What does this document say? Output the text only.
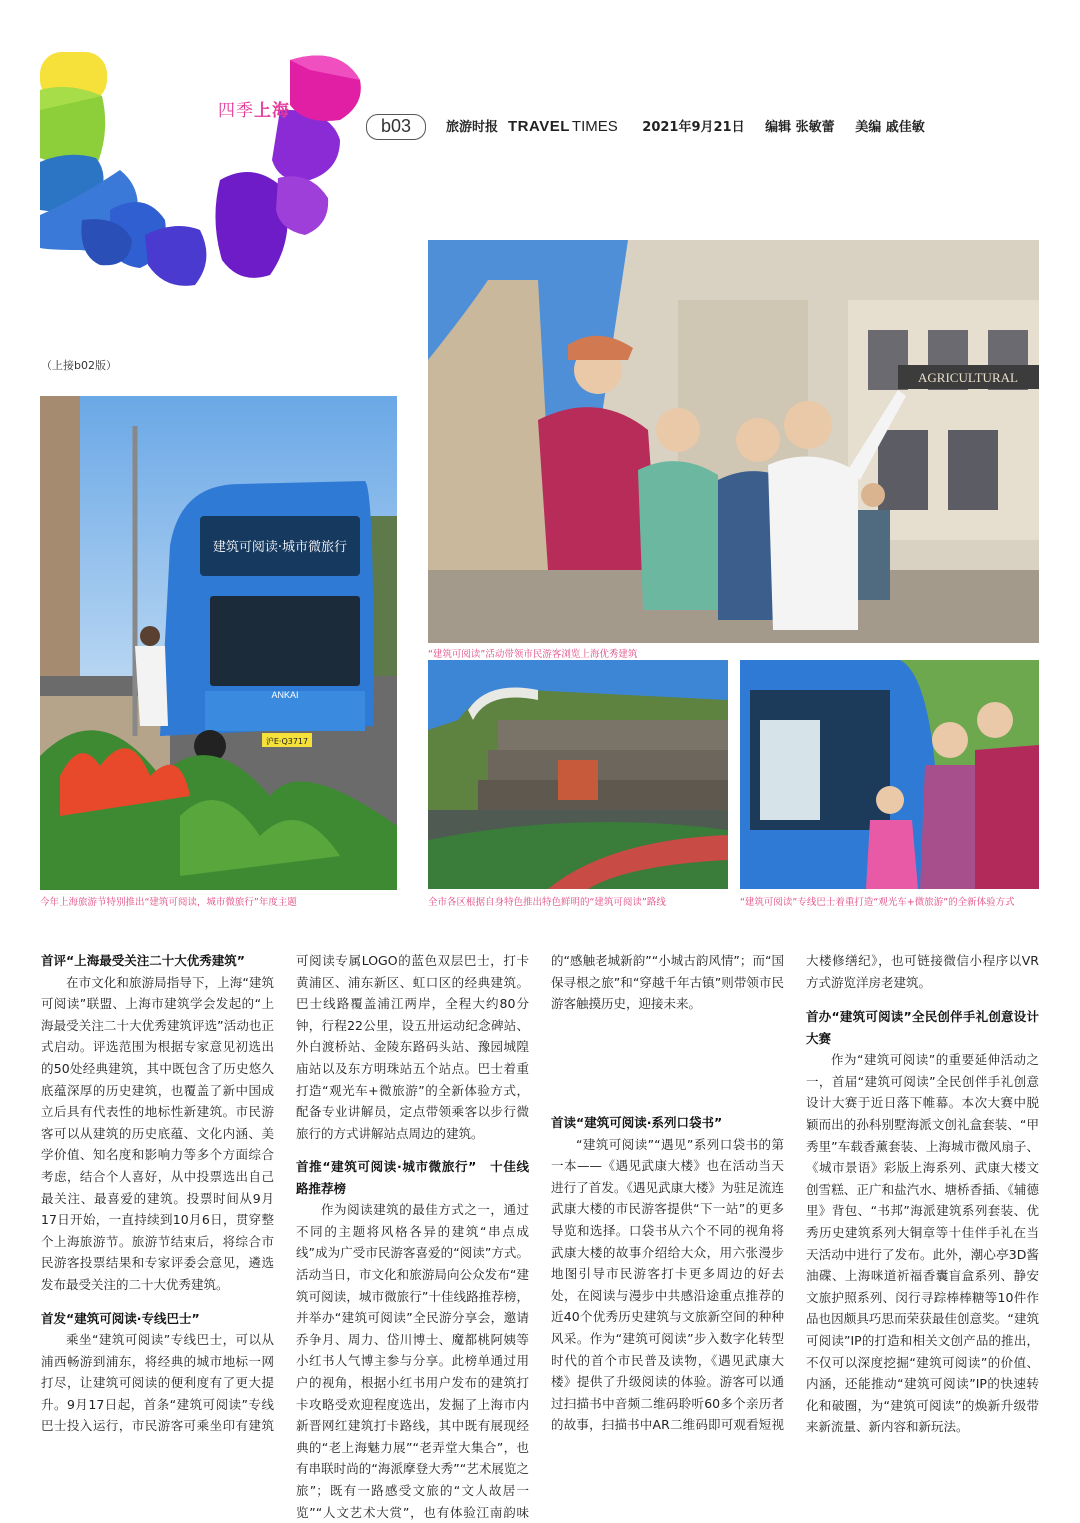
四季上海
b03	旅游时报 TRAVEL TIMES 2021年9月21日 编辑 张敏蕾 美编 戚佳敏
（上接b02版）
建筑可阅读·城市微旅行
ANKAI
沪E·Q3717
今年上海旅游节特别推出“建筑可阅读，城市微旅行”年度主题
AGRICULTURAL
“建筑可阅读”活动带领市民游客浏览上海优秀建筑
全市各区根据自身特色推出特色鲜明的“建筑可阅读”路线	“建筑可阅读”专线巴士着重打造“观光车+微旅游”的全新体验方式
首评“上海最受关注二十大优秀建筑”

在市文化和旅游局指导下，上海“建筑可阅读”联盟、上海市建筑学会发起的“上海最受关注二十大优秀建筑评选”活动也正式启动。评选范围为根据专家意见初选出的50处经典建筑，其中既包含了历史悠久底蕴深厚的历史建筑，也覆盖了新中国成立后具有代表性的地标性新建筑。市民游客可以从建筑的历史底蕴、文化内涵、美学价值、知名度和影响力等多个方面综合考虑，结合个人喜好，从中投票选出自己最关注、最喜爱的建筑。投票时间从9月17日开始，一直持续到10月6日，贯穿整个上海旅游节。旅游节结束后，将综合市民游客投票结果和专家评委会意见，遴选发布最受关注的二十大优秀建筑。

首发“建筑可阅读·专线巴士”

乘坐“建筑可阅读”专线巴士，可以从浦西畅游到浦东，将经典的城市地标一网打尽，让建筑可阅读的便利度有了更大提升。9月17日起，首条“建筑可阅读”专线巴士投入运行，市民游客可乘坐印有建筑

可阅读专属LOGO的蓝色双层巴士，打卡黄浦区、浦东新区、虹口区的经典建筑。巴士线路覆盖浦江两岸，全程大约80分钟，行程22公里，设五卅运动纪念碑站、外白渡桥站、金陵东路码头站、豫园城隍庙站以及东方明珠站五个站点。巴士着重打造“观光车+微旅游”的全新体验方式，配备专业讲解员，定点带领乘客以步行微旅行的方式讲解站点周边的建筑。

首推“建筑可阅读·城市微旅行”　十佳线路推荐榜

作为阅读建筑的最佳方式之一，通过不同的主题将风格各异的建筑“串点成线”成为广受市民游客喜爱的“阅读”方式。活动当日，市文化和旅游局向公众发布“建筑可阅读，城市微旅行”十佳线路推荐榜，并举办“建筑可阅读”全民游分享会，邀请乔争月、周力、岱川博士、魔都桃阿姨等小红书人气博主参与分享。此榜单通过用户的视角，根据小红书用户发布的建筑打卡攻略受欢迎程度选出，发掘了上海市内新晋网红建筑打卡路线，其中既有展现经典的“老上海魅力展”“老弄堂大集合”，也有串联时尚的“海派摩登大秀”“艺术展览之旅”；既有一路感受文旅的“文人故居一览”“人文艺术大赏”，也有体验江南韵味

的“感触老城新韵”“小城古韵风情”；而“国保寻根之旅”和“穿越千年古镇”则带领市民游客触摸历史，迎接未来。

首读“建筑可阅读·系列口袋书”

“建筑可阅读”“遇见”系列口袋书的第一本——《遇见武康大楼》也在活动当天进行了首发。《遇见武康大楼》为驻足流连武康大楼的市民游客提供“下一站”的更多导览和选择。口袋书从六个不同的视角将武康大楼的故事介绍给大众，用六张漫步地图引导市民游客打卡更多周边的好去处，在阅读与漫步中共感沿途重点推荐的近40个优秀历史建筑与文旅新空间的种种风采。作为“建筑可阅读”步入数字化转型时代的首个市民普及读物，《遇见武康大楼》提供了升级阅读的体验。游客可以通过扫描书中音频二维码聆听60多个亲历者的故事，扫描书中AR二维码即可观看短视

大楼修缮纪》，也可链接微信小程序以VR方式游览洋房老建筑。

首办“建筑可阅读”全民创伴手礼创意设计大赛

作为“建筑可阅读”的重要延伸活动之一，首届“建筑可阅读”全民创伴手礼创意设计大赛于近日落下帷幕。本次大赛中脱颖而出的孙科别墅海派文创礼盒套装、“甲秀里”车载香薰套装、上海城市微风扇子、《城市景语》彩版上海系列、武康大楼文创雪糕、正广和盐汽水、塘桥香插、《辅德里》背包、“书邦”海派建筑系列套装、优秀历史建筑系列大铜章等十佳伴手礼在当天活动中进行了发布。此外，潮心亭3D酱油碟、上海咪道祈福香囊盲盒系列、静安文旅护照系列、闵行寻踪棒棒糖等10件作品也因颇具巧思而荣获最佳创意奖。“建筑可阅读”IP的打造和相关文创产品的推出，不仅可以深度挖掘“建筑可阅读”的价值、内涵，还能推动“建筑可阅读”IP的快速转化和破圈，为“建筑可阅读”的焕新升级带来新流量、新内容和新玩法。
